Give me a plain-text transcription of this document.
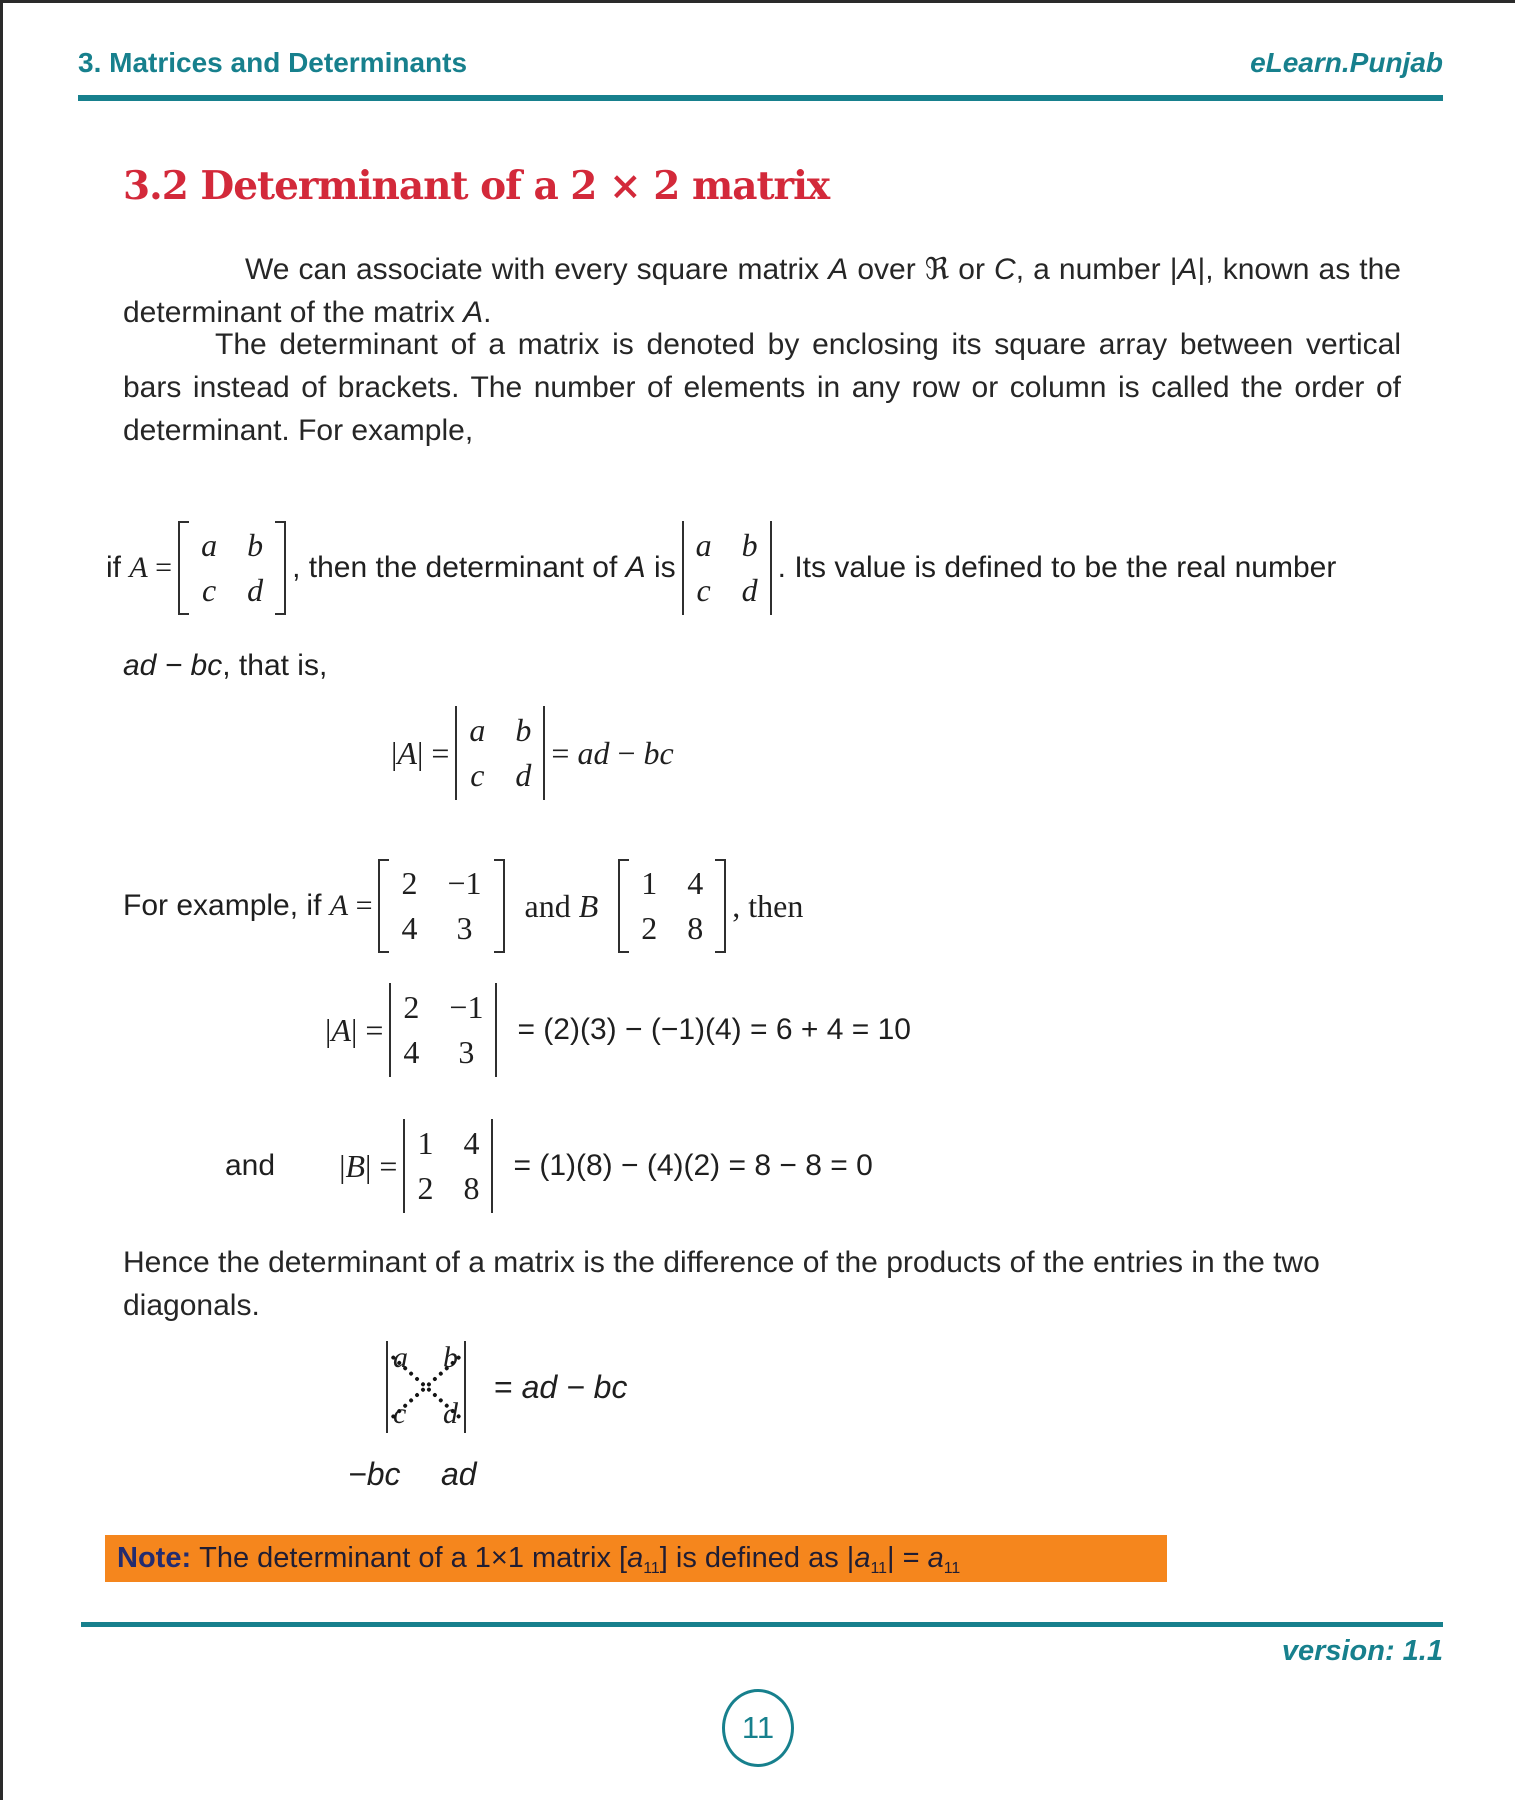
3. Matrices and Determinants	eLearn.Punjab
3.2 Determinant of a 2 × 2 matrix

We can associate with every square matrix A over ℜ or C, a number |A|, known as the determinant of the matrix A.

The determinant of a matrix is denoted by enclosing its square array between vertical bars instead of brackets. The number of elements in any row or column is called the order of determinant. For example,

if A =
a b
c d
, then the determinant of A is
a b
c d
. Its value is defined to be the real number
ad − bc , that is,
|A| =
a b
c d
= ad − bc
For example, if A =
2 −1
4 3
and B
1 4
2 8
, then
|A| =
2 −1
4 3
= (2)(3) − (−1)(4) = 6 + 4 = 10
and |B| =
1 4
2 8
= (1)(8) − (4)(2) = 8 − 8 = 0

Hence the determinant of a matrix is the difference of the products of the entries in the two diagonals.

a b
c d
= ad − bc
−bc	ad
Note: The determinant of a 1×1 matrix $[a_{11}]$ is defined as $|a_{11}| = a_{11}$
version: 1.1
11
